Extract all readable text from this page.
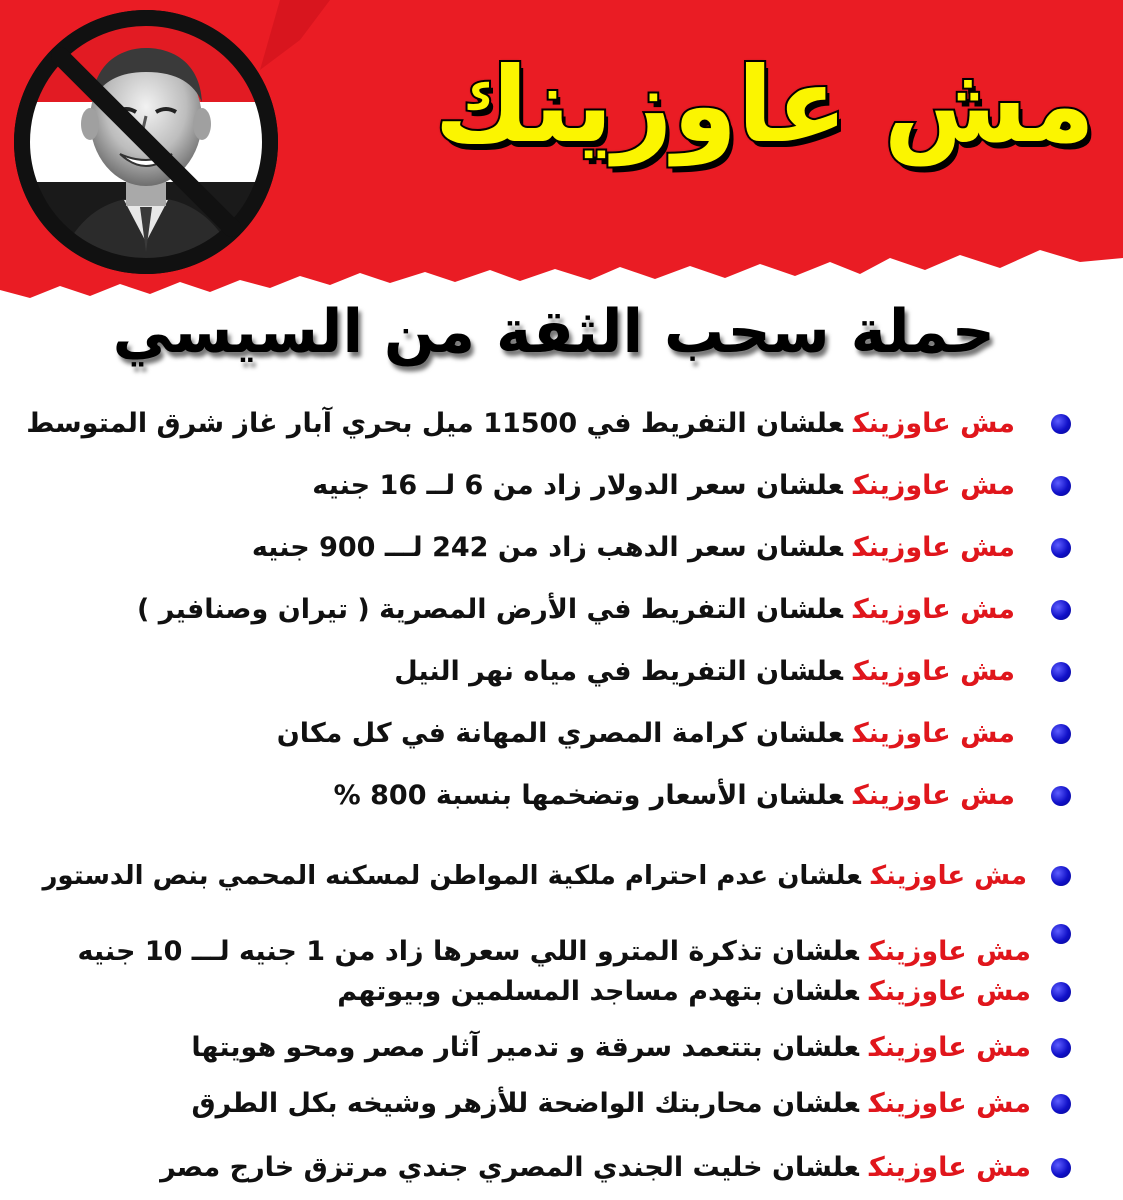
مش عاوزينك
حملة سحب الثقة من السيسي
مش عاوزينكعلشان التفريط في 11500 ميل بحري آبار غاز شرق المتوسط
مش عاوزينكعلشان سعر الدولار زاد من 6 لــ 16 جنيه
مش عاوزينكعلشان سعر الدهب زاد من 242 لـــ 900 جنيه
مش عاوزينكعلشان التفريط في الأرض المصرية ( تيران وصنافير )
مش عاوزينكعلشان التفريط في مياه نهر النيل
مش عاوزينكعلشان كرامة المصري المهانة في كل مكان
مش عاوزينكعلشان الأسعار وتضخمها بنسبة 800 %
مش عاوزينكعلشان عدم احترام ملكية المواطن لمسكنه المحمي بنص الدستور
مش عاوزينكعلشان تذكرة المترو اللي سعرها زاد من 1 جنيه لـــ 10 جنيه
مش عاوزينكعلشان بتهدم مساجد المسلمين وبيوتهم
مش عاوزينكعلشان بتتعمد سرقة و تدمير آثار مصر ومحو هويتها
مش عاوزينكعلشان محاربتك الواضحة للأزهر وشيخه بكل الطرق
مش عاوزينكعلشان خليت الجندي المصري جندي مرتزق خارج مصر
